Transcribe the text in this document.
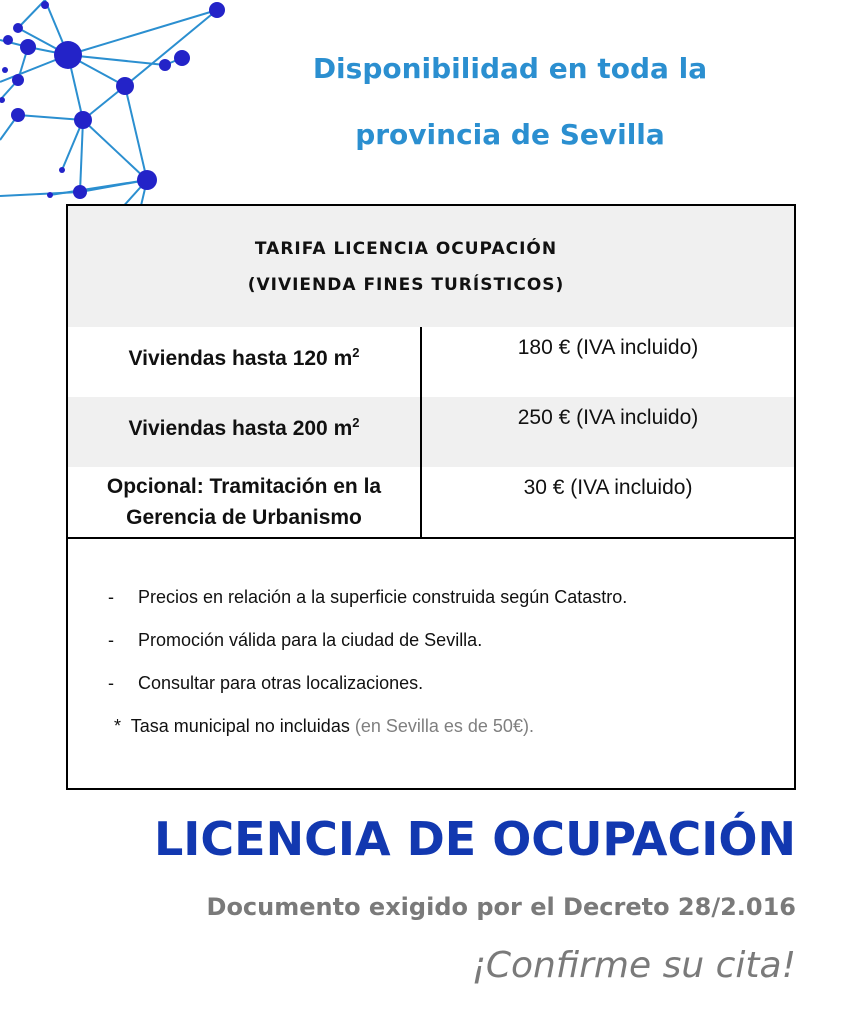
Disponibilidad en toda la
provincia de Sevilla
TARIFA LICENCIA OCUPACIÓN
(VIVIENDA FINES TURÍSTICOS)
Viviendas hasta 120 $m^2$	180 € (IVA incluido)
Viviendas hasta 200 $m^2$	250 € (IVA incluido)
Opcional: Tramitación en la
Gerencia de Urbanismo
30 € (IVA incluido)

- Precios en relación a la superficie construida según Catastro.

- Promoción válida para la ciudad de Sevilla.

- Consultar para otras localizaciones.

* Tasa municipal no incluidas (en Sevilla es de 50€).

LICENCIA DE OCUPACIÓN

Documento exigido por el Decreto 28/2.016

¡Confirme su cita!
